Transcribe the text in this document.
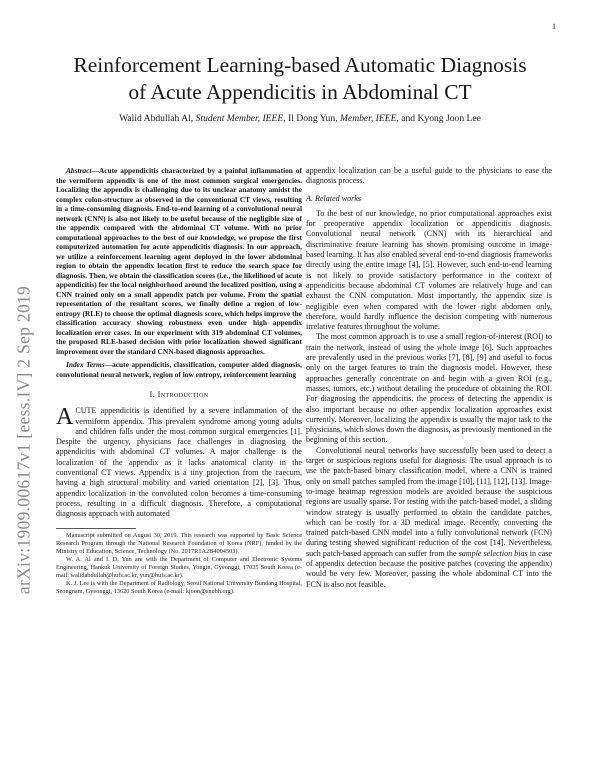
1
arXiv:1909.00617v1 [eess.IV] 2 Sep 2019
Reinforcement Learning-based Automatic Diagnosis
of Acute Appendicitis in Abdominal CT
Walid Abdullah Al, Student Member, IEEE, Il Dong Yun, Member, IEEE, and Kyong Joon Lee

Abstract—Acute appendicitis characterized by a painful inflammation of the vermiform appendix is one of the most common surgical emergencies. Localizing the appendix is challenging due to its unclear anatomy amidst the complex colon-structure as observed in the conventional CT views, resulting in a time-consuming diagnosis. End-to-end learning of a convolutional neural network (CNN) is also not likely to be useful because of the negligible size of the appendix compared with the abdominal CT volume. With no prior computational approaches to the best of our knowledge, we propose the first computerized automation for acute appendicitis diagnosis. In our approach, we utilize a reinforcement learning agent deployed in the lower abdominal region to obtain the appendix location first to reduce the search space for diagnosis. Then, we obtain the classification scores (i.e., the likelihood of acute appendicitis) for the local neighborhood around the localized position, using a CNN trained only on a small appendix patch per volume. From the spatial representation of the resultant scores, we finally define a region of low-entropy (RLE) to choose the optimal diagnosis score, which helps improve the classification accuracy showing robustness even under high appendix localization error cases. In our experiment with 319 abdominal CT volumes, the proposed RLE-based decision with prior localization showed significant improvement over the standard CNN-based diagnosis approaches.

Index Terms—acute appendicitis, classification, computer aided diagnosis, convolutional neural network, region of low entropy, reinforcement learning

I. Introduction

ACUTE appendicitis is identified by a severe inflammation of the vermiform appendix. This prevalent syndrome among young adults and children falls under the most common surgical emergencies [1]. Despite the urgency, physicians face challenges in diagnosing the appendicitis with abdominal CT volumes. A major challenge is the localization of the appendix as it lacks anatomical clarity in the conventional CT views. Appendix is a tiny projection from the caecum, having a high structural mobility and varied orientation [2], [3]. Thus, appendix localization in the convoluted colon becomes a time-consuming process, resulting in a difficult diagnosis. Therefore, a computational diagnosis approach with automated

Manuscript submitted on August 30, 2019. This research was supported by Basic Science Research Program through the National Research Foundation of Korea (NRF), funded by the Ministry of Education, Science, Technology (No. 2017R1A2B4004503).

W. A. Al and I. D. Yun are with the Department of Computer and Electronic Systems Engineering, Hankuk University of Foreign Studies, Yongin, Gyeonggi, 17035 South Korea (e-mail: walidabdullah@hufs.ac.kr, yun@hufs.ac.kr).

K. J. Lee is with the Department of Radiology, Seoul National University Bundang Hospital, Seongnam, Gyeonggi, 13620 South Korea (e-mail: kjoon@snubh.org).

appendix localization can be a useful guide to the physicians to ease the diagnosis process.

A. Related works

To the best of our knowledge, no prior computational approaches exist for preoperative appendix localization or appendicitis diagnosis. Convolutional neural network (CNN) with its hierarchical and discriminative feature learning has shown promising outcome in image-based learning. It has also enabled several end-to-end diagnosis frameworks directly using the entire image [4], [5]. However, such end-to-end learning is not likely to provide satisfactory performance in the context of appendicitis because abdominal CT volumes are relatively huge and can exhaust the CNN computation. Most importantly, the appendix size is negligible even when compared with the lower right abdomen only, therefore, would hardly influence the decision competing with numerous irrelative features throughout the volume.

The most common approach is to use a small region-of-interest (ROI) to train the network, instead of using the whole image [6]. Such approaches are prevalently used in the previous works [7], [8], [9] and useful to focus only on the target features to train the diagnosis model. However, these approaches generally concentrate on and begin with a given ROI (e.g., masses, tumors, etc.) without detailing the procedure of obtaining the ROI. For diagnosing the appendicitis, the process of detecting the appendix is also important because no other appendix localization approaches exist currently. Moreover, localizing the appendix is usually the major task to the physicians, which slows down the diagnosis, as previously mentioned in the beginning of this section.

Convolutional neural networks have successfully been used to detect a target or suspicious regions useful for diagnosis. The usual approach is to use the patch-based binary classification model, where a CNN is trained only on small patches sampled from the image [10], [11], [12], [13]. Image-to-image heatmap regression models are avoided because the suspicious regions are usually sparse. For testing with the patch-based model, a sliding window strategy is usually performed to obtain the candidate patches, which can be costly for a 3D medical image. Recently, converting the trained patch-based CNN model into a fully convolutional network (FCN) during testing showed significant reduction of the cost [14]. Nevertheless, such patch-based approach can suffer from the sample selection bias in case of appendix detection because the positive patches (covering the appendix) would be very few. Moreover, passing the whole abdominal CT into the FCN is also not feasible.
